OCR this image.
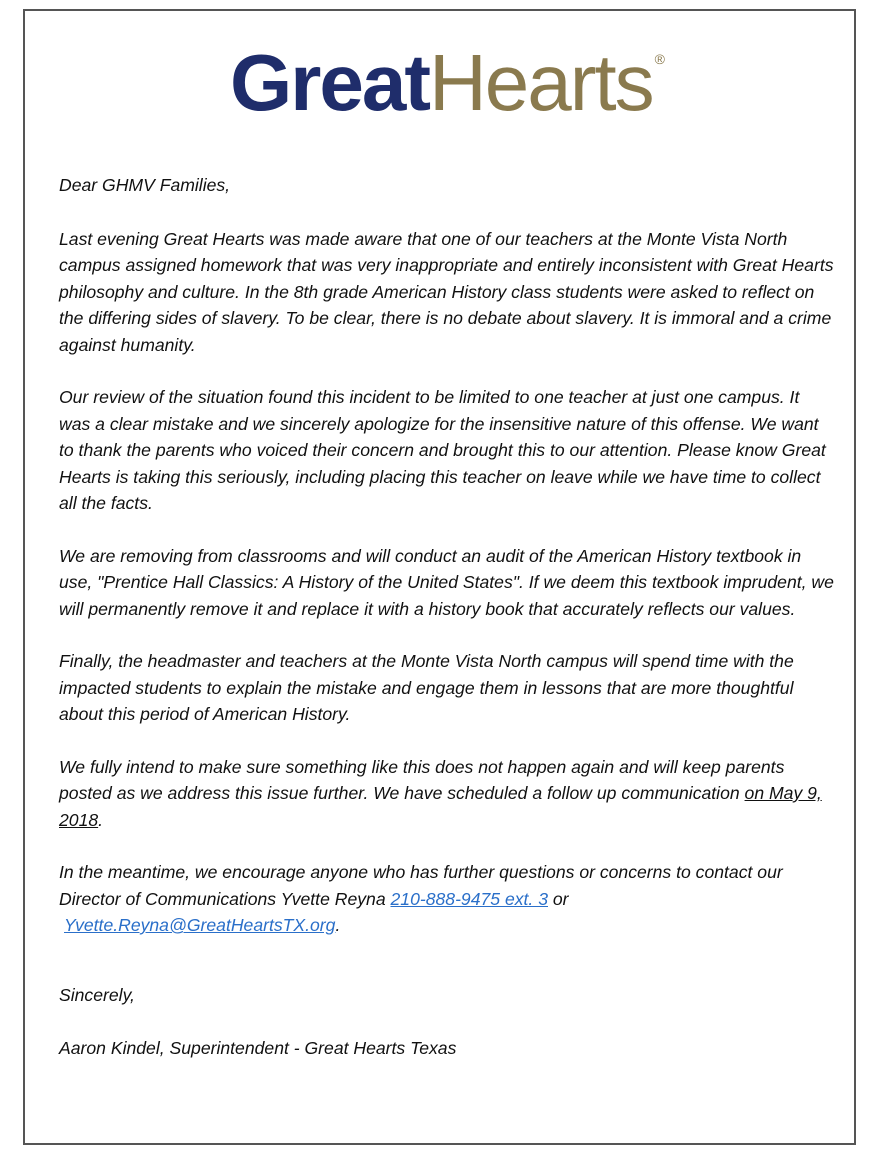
GreatHearts ®

Dear GHMV Families,

Last evening Great Hearts was made aware that one of our teachers at the Monte Vista North campus assigned homework that was very inappropriate and entirely inconsistent with Great Hearts philosophy and culture. In the 8th grade American History class students were asked to reflect on the differing sides of slavery. To be clear, there is no debate about slavery. It is immoral and a crime against humanity.

Our review of the situation found this incident to be limited to one teacher at just one campus. It was a clear mistake and we sincerely apologize for the insensitive nature of this offense. We want to thank the parents who voiced their concern and brought this to our attention. Please know Great Hearts is taking this seriously, including placing this teacher on leave while we have time to collect all the facts.

We are removing from classrooms and will conduct an audit of the American History textbook in use, "Prentice Hall Classics: A History of the United States". If we deem this textbook imprudent, we will permanently remove it and replace it with a history book that accurately reflects our values.

Finally, the headmaster and teachers at the Monte Vista North campus will spend time with the impacted students to explain the mistake and engage them in lessons that are more thoughtful about this period of American History.

We fully intend to make sure something like this does not happen again and will keep parents posted as we address this issue further. We have scheduled a follow up communication on May 9, 2018.

In the meantime, we encourage anyone who has further questions or concerns to contact our Director of Communications Yvette Reyna 210-888-9475 ext. 3 or
Yvette.Reyna@GreatHeartsTX.org.

Sincerely,

Aaron Kindel, Superintendent - Great Hearts Texas
